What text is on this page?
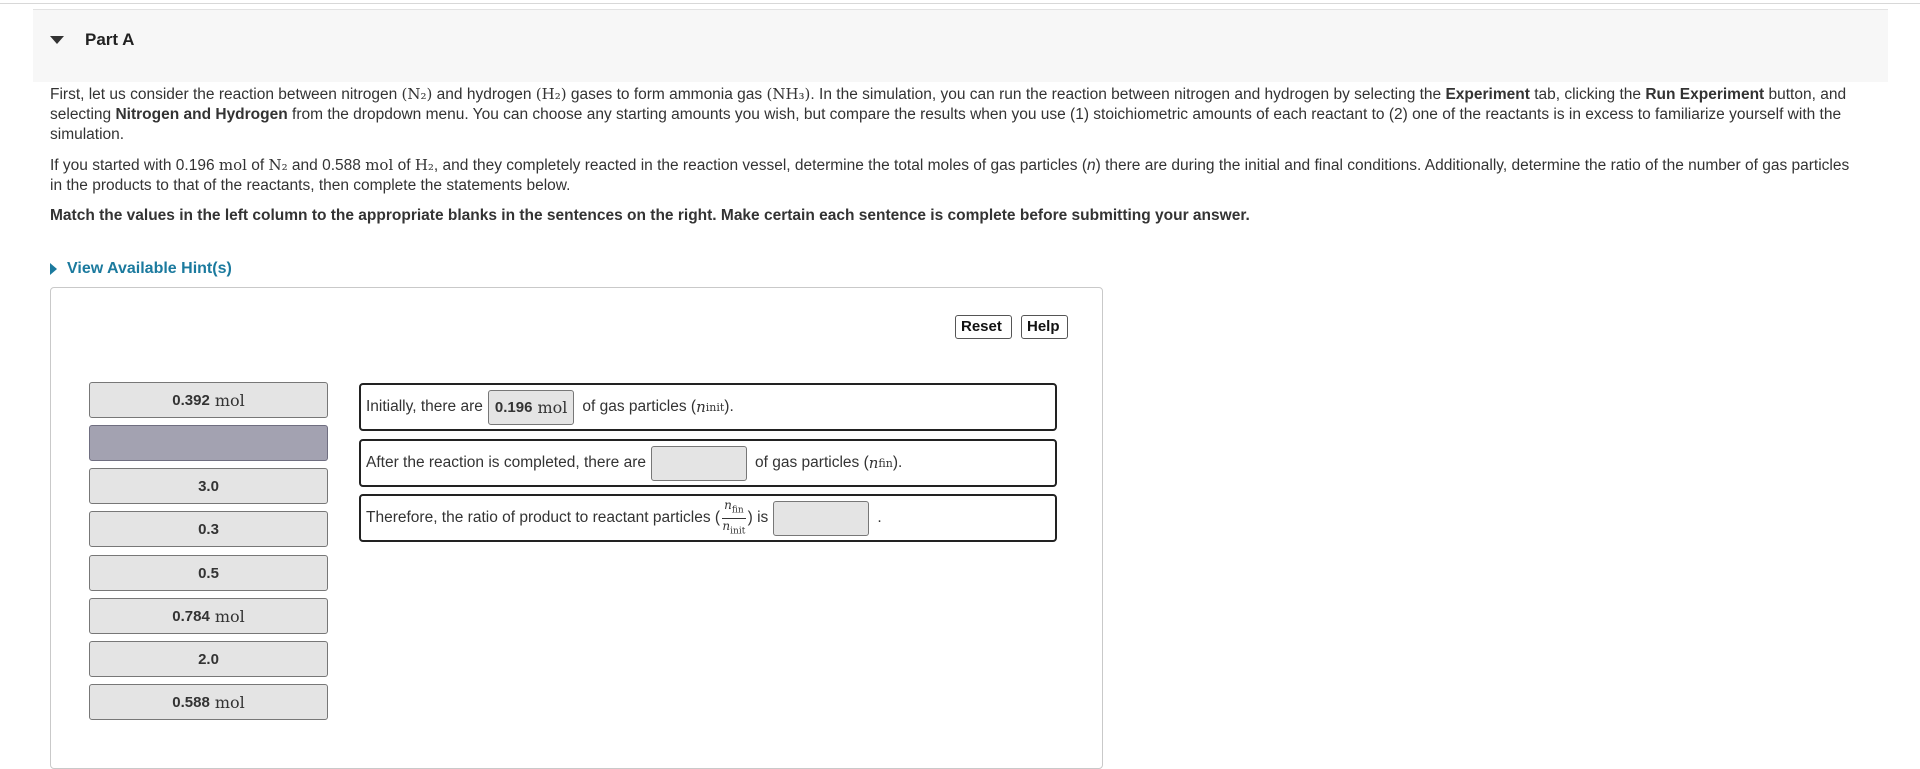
Part A

First, let us consider the reaction between nitrogen (N₂) and hydrogen (H₂) gases to form ammonia gas (NH₃). In the simulation, you can run the reaction between nitrogen and hydrogen by selecting the Experiment tab, clicking the Run Experiment button, and selecting Nitrogen and Hydrogen from the dropdown menu. You can choose any starting amounts you wish, but compare the results when you use (1) stoichiometric amounts of each reactant to (2) one of the reactants is in excess to familiarize yourself with the simulation.

If you started with 0.196 mol of N₂ and 0.588 mol of H₂, and they completely reacted in the reaction vessel, determine the total moles of gas particles (n) there are during the initial and final conditions. Additionally, determine the ratio of the number of gas particles in the products to that of the reactants, then complete the statements below.

Match the values in the left column to the appropriate blanks in the sentences on the right. Make certain each sentence is complete before submitting your answer.

View Available Hint(s)
Reset	Help
0.392 mol
3.0
0.3
0.5
0.784 mol
2.0
0.588 mol
Initially, there are 0.196 mol of gas particles ( n init ).
After the reaction is completed, there are	of gas particles ( n fin ).
Therefore, the ratio of product to reactant particles ( $\frac{n_{fin}}{n_{init}}$ ) is	.
